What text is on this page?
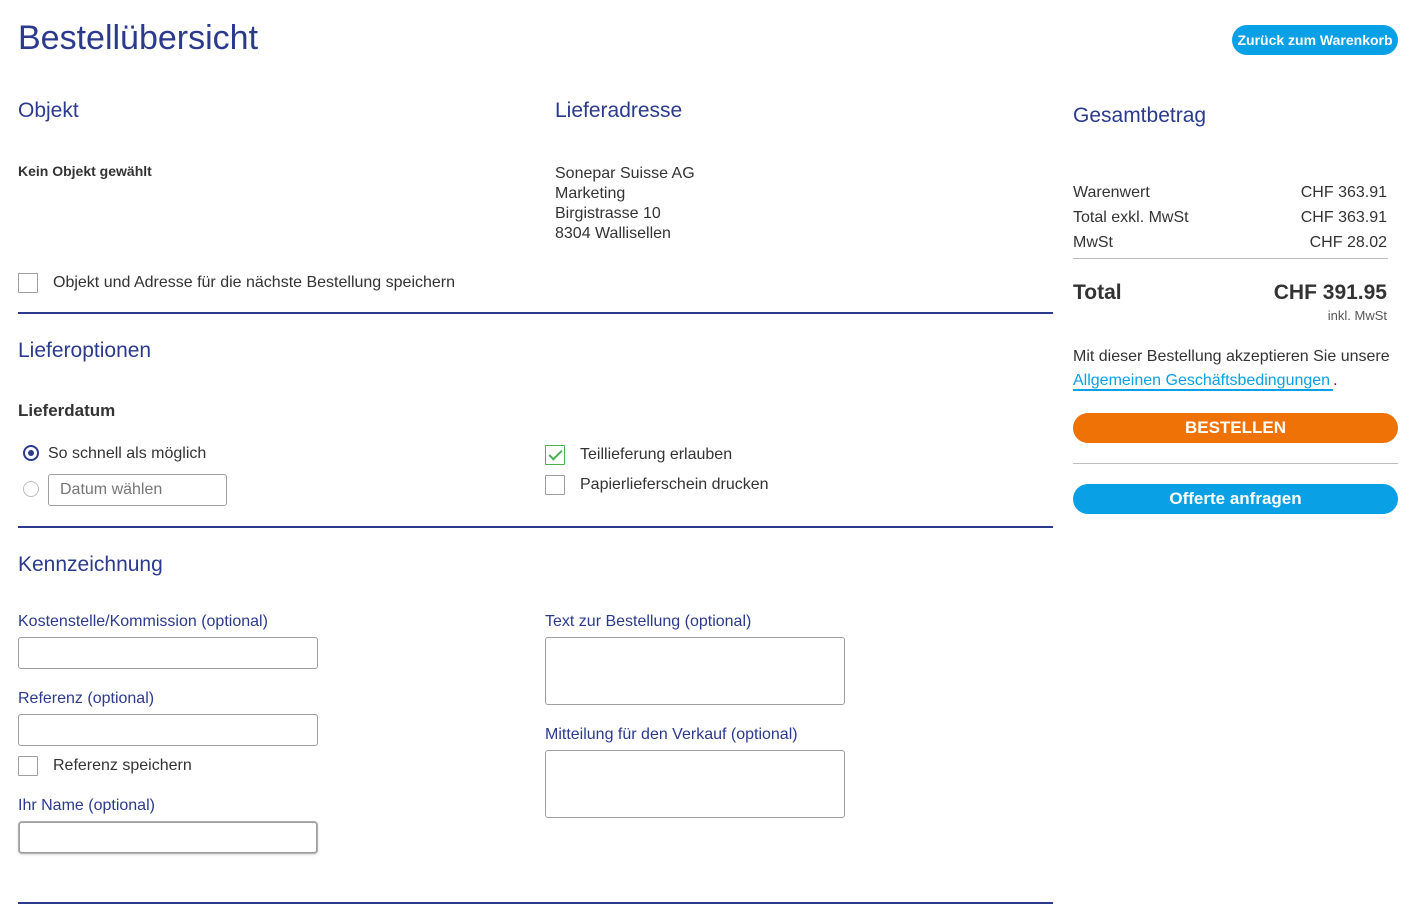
Bestellübersicht	Zurück zum Warenkorb
Objekt
Kein Objekt gewählt
Objekt und Adresse für die nächste Bestellung speichern
Lieferadresse
Sonepar Suisse AG
Marketing
Birgistrasse 10
8304 Wallisellen
Lieferoptionen
Lieferdatum
So schnell als möglich
Datum wählen	Teillieferung erlauben
Papierlieferschein drucken
Kennzeichnung
Kostenstelle/Kommission (optional)
Referenz (optional)
Referenz speichern
Ihr Name (optional)
Text zur Bestellung (optional)
Mitteilung für den Verkauf (optional)
Gesamtbetrag
Warenwert	CHF 363.91
Total exkl. MwSt	CHF 363.91
MwSt	CHF 28.02
Total	CHF 391.95
inkl. MwSt
Mit dieser Bestellung akzeptieren Sie unsere
Allgemeinen Geschäftsbedingungen .
BESTELLEN
Offerte anfragen
